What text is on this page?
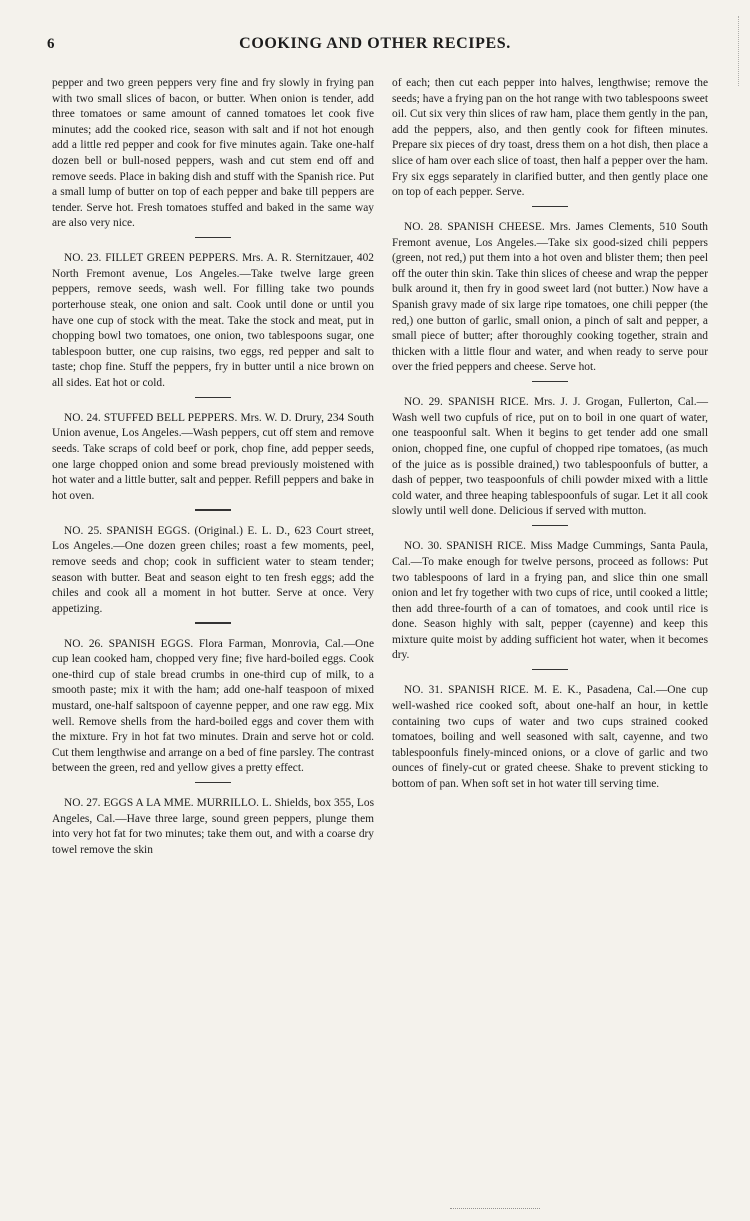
6	COOKING AND OTHER RECIPES.

pepper and two green peppers very fine and fry slowly in frying pan with two small slices of bacon, or butter. When onion is tender, add three tomatoes or same amount of canned tomatoes let cook five minutes; add the cooked rice, season with salt and if not hot enough add a little red pepper and cook for five minutes again. Take one-half dozen bell or bull-nosed peppers, wash and cut stem end off and remove seeds. Place in baking dish and stuff with the Spanish rice. Put a small lump of butter on top of each pepper and bake till peppers are tender. Serve hot. Fresh tomatoes stuffed and baked in the same way are also very nice.

NO. 23. FILLET GREEN PEPPERS. Mrs. A. R. Sternitzauer, 402 North Fremont avenue, Los Angeles.—Take twelve large green peppers, remove seeds, wash well. For filling take two pounds porterhouse steak, one onion and salt. Cook until done or until you have one cup of stock with the meat. Take the stock and meat, put in chopping bowl two tomatoes, one onion, two tablespoons sugar, one tablespoon butter, one cup raisins, two eggs, red pepper and salt to taste; chop fine. Stuff the peppers, fry in butter until a nice brown on all sides. Eat hot or cold.

NO. 24. STUFFED BELL PEPPERS. Mrs. W. D. Drury, 234 South Union avenue, Los Angeles.—Wash peppers, cut off stem and remove seeds. Take scraps of cold beef or pork, chop fine, add pepper seeds, one large chopped onion and some bread previously moistened with hot water and a little butter, salt and pepper. Refill peppers and bake in hot oven.

NO. 25. SPANISH EGGS. (Original.) E. L. D., 623 Court street, Los Angeles.—One dozen green chiles; roast a few moments, peel, remove seeds and chop; cook in sufficient water to steam tender; season with butter. Beat and season eight to ten fresh eggs; add the chiles and cook all a moment in hot butter. Serve at once. Very appetizing.

NO. 26. SPANISH EGGS. Flora Farman, Monrovia, Cal.—One cup lean cooked ham, chopped very fine; five hard-boiled eggs. Cook one-third cup of stale bread crumbs in one-third cup of milk, to a smooth paste; mix it with the ham; add one-half teaspoon of mixed mustard, one-half saltspoon of cayenne pepper, and one raw egg. Mix well. Remove shells from the hard-boiled eggs and cover them with the mixture. Fry in hot fat two minutes. Drain and serve hot or cold. Cut them lengthwise and arrange on a bed of fine parsley. The contrast between the green, red and yellow gives a pretty effect.

NO. 27. EGGS A LA MME. MURRILLO. L. Shields, box 355, Los Angeles, Cal.—Have three large, sound green peppers, plunge them into very hot fat for two minutes; take them out, and with a coarse dry towel remove the skin

of each; then cut each pepper into halves, lengthwise; remove the seeds; have a frying pan on the hot range with two tablespoons sweet oil. Cut six very thin slices of raw ham, place them gently in the pan, add the peppers, also, and then gently cook for fifteen minutes. Prepare six pieces of dry toast, dress them on a hot dish, then place a slice of ham over each slice of toast, then half a pepper over the ham. Fry six eggs separately in clarified butter, and then gently place one on top of each pepper. Serve.

NO. 28. SPANISH CHEESE. Mrs. James Clements, 510 South Fremont avenue, Los Angeles.—Take six good-sized chili peppers (green, not red,) put them into a hot oven and blister them; then peel off the outer thin skin. Take thin slices of cheese and wrap the pepper bulk around it, then fry in good sweet lard (not butter.) Now have a Spanish gravy made of six large ripe tomatoes, one chili pepper (the red,) one button of garlic, small onion, a pinch of salt and pepper, a small piece of butter; after thoroughly cooking together, strain and thicken with a little flour and water, and when ready to serve pour over the fried peppers and cheese. Serve hot.

NO. 29. SPANISH RICE. Mrs. J. J. Grogan, Fullerton, Cal.—Wash well two cupfuls of rice, put on to boil in one quart of water, one teaspoonful salt. When it begins to get tender add one small onion, chopped fine, one cupful of chopped ripe tomatoes, (as much of the juice as is possible drained,) two tablespoonfuls of butter, a dash of pepper, two teaspoonfuls of chili powder mixed with a little cold water, and three heaping tablespoonfuls of sugar. Let it all cook slowly until well done. Delicious if served with mutton.

NO. 30. SPANISH RICE. Miss Madge Cummings, Santa Paula, Cal.—To make enough for twelve persons, proceed as follows: Put two tablespoons of lard in a frying pan, and slice thin one small onion and let fry together with two cups of rice, until cooked a little; then add three-fourth of a can of tomatoes, and cook until rice is done. Season highly with salt, pepper (cayenne) and keep this mixture quite moist by adding sufficient hot water, when it becomes dry.

NO. 31. SPANISH RICE. M. E. K., Pasadena, Cal.—One cup well-washed rice cooked soft, about one-half an hour, in kettle containing two cups of water and two cups strained cooked tomatoes, boiling and well seasoned with salt, cayenne, and two tablespoonfuls finely-minced onions, or a clove of garlic and two ounces of finely-cut or grated cheese. Shake to prevent sticking to bottom of pan. When soft set in hot water till serving time.
